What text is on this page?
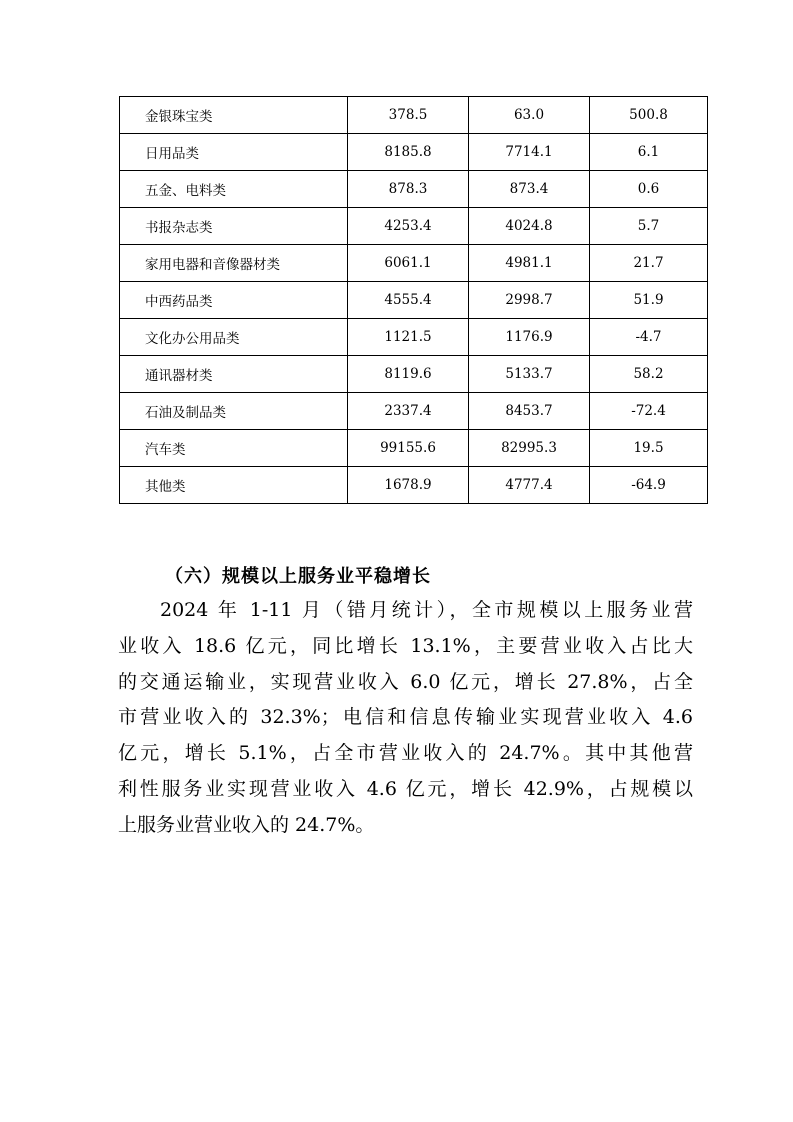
金银珠宝类	378.5	63.0	500.8
日用品类	8185.8	7714.1	6.1
五金、电料类	878.3	873.4	0.6
书报杂志类	4253.4	4024.8	5.7
家用电器和音像器材类	6061.1	4981.1	21.7
中西药品类	4555.4	2998.7	51.9
文化办公用品类	1121.5	1176.9	-4.7
通讯器材类	8119.6	5133.7	58.2
石油及制品类	2337.4	8453.7	-72.4
汽车类	99155.6	82995.3	19.5
其他类	1678.9	4777.4	-64.9
（六）规模以上服务业平稳增长
2024 年 1-11 月（错月统计），全市规模以上服务业营
业收入 18.6 亿元，同比增长 13.1%，主要营业收入占比大
的交通运输业，实现营业收入 6.0 亿元，增长 27.8%，占全
市营业收入的 32.3%；电信和信息传输业实现营业收入 4.6
亿元，增长 5.1%，占全市营业收入的 24.7%。其中其他营
利性服务业实现营业收入 4.6 亿元，增长 42.9%，占规模以
上服务业营业收入的 24.7%。
